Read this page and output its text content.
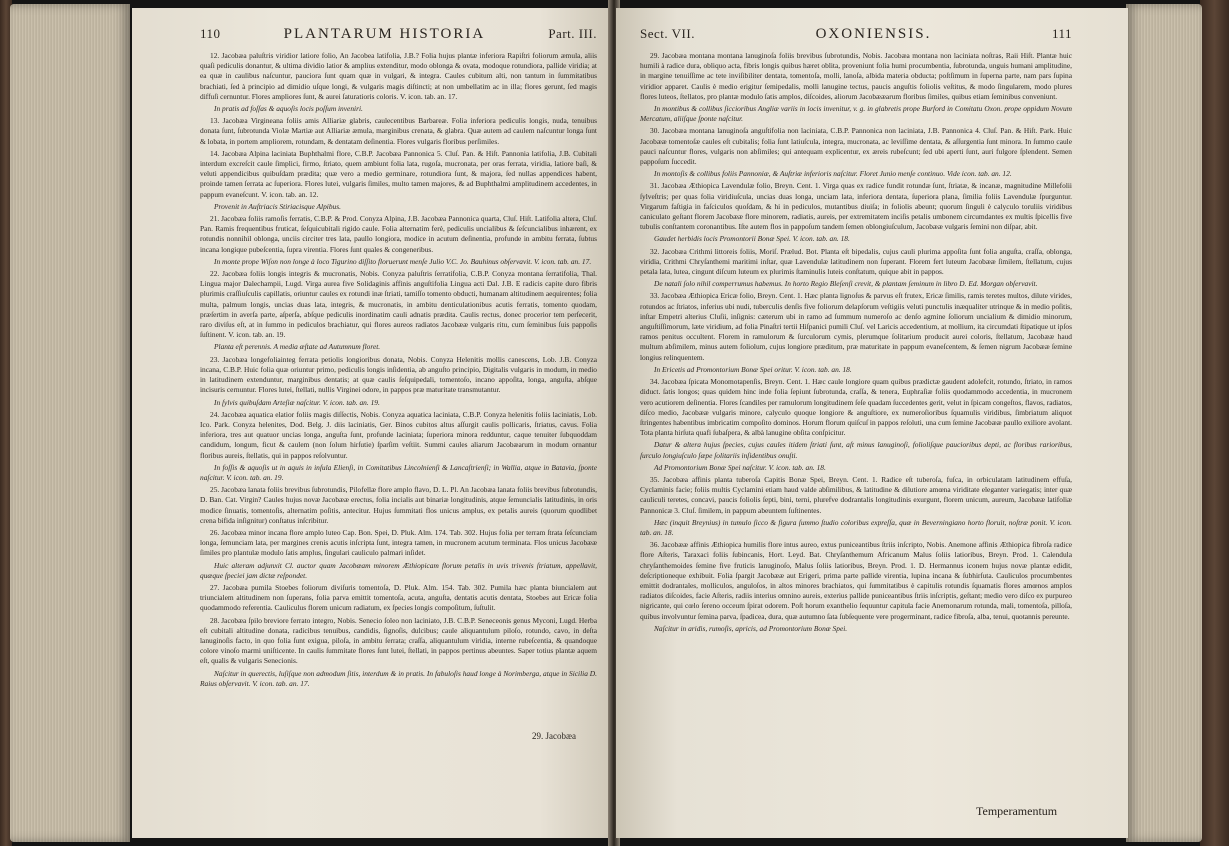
110	PLANTARUM HISTORIA	Part. III.

12. Jacobæa paluſtris viridior latiore folio, An Jacobea latifolia, J.B.? Folia hujus plantæ inferiora Rapiſtri foliorum æmula, aliis quaſi pediculis donantur, & ultima dividio latior & amplius extenditur, modo oblonga & ovata, modoque rotundiora, pallide viridia; at ea quæ in caulibus naſcuntur, pauciora ſunt quam quæ in vulgari, & integra. Caules cubitum alti, non tantum in ſummitatibus brachiati, ſed à principio ad dimidio uſque longi, & vulgaris magis diſtincti; at non umbellatim ac in illa; flores gerunt, ſed magis diffuſi cernuntur. Flores ampliores ſunt, & aurei ſaturatioris coloris. V. icon. tab. an. 17.

In pratis ad foſſas & aquoſis locis poſſum inveniri.

13. Jacobæa Virgineana foliis amis Alliariæ glabris, caulecentibus Barbareæ. Folia inferiora pediculis longis, nuda, tenuibus donata ſunt, ſubrotunda Violæ Martiæ aut Alliariæ æmula, marginibus crenata, & glabra. Quæ autem ad caulem naſcuntur longa ſunt & lobata, in portem ampliorem, rotundam, & dentatam deſinentia. Flores vulgaris floribus perſimiles.

14. Jacobæa Alpina laciniata Buphthalmi flore, C.B.P. Jacobæa Pannonica 5. Cluſ. Pan. & Hiſt. Pannonia latifolia, J.B. Cubitali interdum excreſcit caule ſimplici, firmo, ſtriato, quem ambiunt folia lata, rugoſa, mucronata, per oras ferrata, viridia, latiore baſi, & veluti appendicibus quibuſdam prædita; quæ vero a medio germinare, rotundiora ſunt, & majora, ſed nullas appendices habent, proinde tamen ſerrata ac ſuperiora. Flores lutei, vulgaris ſimiles, multo tamen majores, & ad Buphthalmi amplitudinem accedentes, in pappum evaneſcunt. V. icon. tab. an. 12.

Provenit in Auſtriacis Stiriacisque Alpibus.

21. Jacobæa foliis ramoſis ferratis, C.B.P. & Prod. Conyza Alpina, J.B. Jacobæa Pannonica quarta, Cluſ. Hiſt. Latifolia altera, Cluſ. Pan. Ramis frequentibus fruticat, ſeſquicubitali rigido caule. Folia alternatim ferè, pediculis uncialibus & ſeſcuncialibus inhærent, ex rotundis nonnihil oblonga, unciis circiter tres lata, paullo longiora, modice in acutum deſinentia, profunde in ambitu ferrata, ſubtus incana longique pubeſcentia, ſupra virentia. Flores ſunt quales & congeneribus.

In monte prope Wiſon non longe à loco Tigurino diſſito floruerunt menſe Julio V.C. Jo. Bauhinus obſervavit. V. icon. tab. an. 17.

22. Jacobæa foliis longis integris & mucronatis, Nobis. Conyza paluſtris ſerratifolia, C.B.P. Conyza montana ſerratifolia, Thal. Lingua major Dalechampii, Lugd. Virga aurea five Solidaginis affinis anguſtifolia Lingua acti Dal. J.B. E radicis capite duro fibris plurimis craſſiuſculis capillatis, oriuntur caules ex rotundi inæ ſtriati, tamiſſo tomento obducti, humanam altitudinem aequirentes; folia multa, palmum longis, uncias duas lata, integris, & mucronatis, in ambitu denticulationibus acutis ferratis, tomento quodam, præſertim in averſa parte, aſperſa, abſque pediculis inordinatim cauli adnatis prædita. Caulis rectus, donec procerior tem perſecerit, raro diviſus eſt, at in ſummo in pediculos brachiatur, qui flores aureos radiatos Jacobææ vulgaris ritu, cum ſeminibus ſuis pappoſis ſuſtinent. V. icon. tab. an. 19.

Planta eſt perennis. A media æſtate ad Autumnum floret.

23. Jacobæa longefoliainteg ferrata petiolis longioribus donata, Nobis. Conyza Helenitis mollis canescens, Lob. J.B. Conyza incana, C.B.P. Huic folia quæ oriuntur primo, pediculis longis inſidentia, ab anguſto principio, Digitalis vulgaris in modum, in medio in latitudinem extenduntur, marginibus dentatis; at quæ caulis ſeſquipedali, tomentoſo, incano appoſita, longa, anguſta, abſque incisuris cernuntur. Flores lutei, ſtellati, nullis Virginei odore, in pappos præ maturitate transmutantur.

In ſylvis quibuſdam Arteſiæ naſcitur. V. icon. tab. an. 19.

24. Jacobæa aquatica elatior foliis magis diſſectis, Nobis. Conyza aquatica laciniata, C.B.P. Conyza helenitis foliis laciniatis, Lob. Ico. Park. Conyza helenites, Dod. Belg. J. diis laciniatis, Ger. Binos cubitos altus aſſurgit caulis pollicaris, ſtriatus, cavus. Folia inferiora, tres aut quatuor uncias longa, anguſta ſunt, profunde laciniata; ſuperiora minora redduntur, caque tenuiter ſubquoddam candidum, longum, ficut & caulem (non ſolum hirſutie) ſparſim veſtiit. Summi caules aliarum Jacobæarum in modum ornantur floribus aureis, ſtellatis, qui in pappos reſolvuntur.

In foſſis & aquoſis ut in aquis in inſula Elienſi, in Comitatibus Lincolnienſi & Lancaſtrienſi; in Wallia, atque in Batavia, ſponte naſcitur. V. icon. tab. an. 19.

25. Jacobæa lanata foliis brevibus ſubrotundis, Pilofellæ flore amplo flavo, D. L. Pl. An Jacobæa lanata foliis brevibus ſubrotundis, D. Ban. Cat. Virgin? Caules hujus novæ Jacobææ erectus, folia incialis aut binariæ longitudinis, atque ſemuncialis latitudinis, in oris modice ſinuatis, tomentoſis, alternatim poſitis, antecitur. Hujus ſummitati flos unicus amplus, ex petalis aureis (quorum quodlibet crena bifida inſignitur) conſtatus inſcribitur.

26. Jacobæa minor incana flore amplo luteo Cap. Bon. Spei, D. Pluk. Alm. 174. Tab. 302. Hujus folia per terram ſtrata ſeſcunciam longa, ſemunciam lata, per margines crenis acutis inſcripta ſunt, integra tamen, in mucronem acutum terminata. Flos unicus Jacobææ ſimiles pro plantulæ modulo ſatis amplus, ſingulari cauliculo palmari inſidet.

Huic alteram adjunxit Cl. auctor quam Jacobæam minorem Æthiopicam florum petalis in uvis trivenis ſtriatum, appellavit, quæque ſpeciei jam dictæ reſpondet.

27. Jacobæa pumila Stoebes foliorum diviſuris tomentoſa, D. Pluk. Alm. 154. Tab. 302. Pumila hæc planta biuncialem aut triuncialem altitudinem non ſuperans, folia parva emittit tomentoſa, acuta, anguſta, dentatis acutis dentata, Stoebes aut Ericæ folia quodammodo referentia. Cauliculus florem unicum radiatum, ex ſpecies longis compoſitum, ſuſtulit.

28. Jacobæa ſpilo breviore ferrato integro, Nobis. Senecio ſoleo non laciniato, J.B. C.B.P. Seneceonis genus Myconi, Lugd. Herba eſt cubitali altitudine donata, radicibus tenuibus, candidis, ſignoſis, dulcibus; caule aliquantulum piloſo, rotundo, cavo, in deſta lanuginoſis facto, in quo folia ſunt exigua, piloſa, in ambitu ſerrata; craſſa, aliquantulum viridia, interne rubeſcentia, & quandoque colore vinoſo marmi uniſticente. In caulis ſummitate flores ſunt lutei, ſtellati, in pappos pertinus abeuntes. Saper totius plantæ aquem eſt, qualis & vulgaris Senecionis.

Naſcitur in querectis, luſiſque non admodum ſitis, interdum & in pratis. In fabuloſis haud longe à Norimberga, atque in Sicilia D. Raius obſervavit. V. icon. tab. an. 17.

29. Jacobæa
Sect. VII.	OXONIENSIS.	111

29. Jacobæa montana montana lanuginoſa foliis brevibus ſubrotundis, Nobis. Jacobæa montana non laciniata noſtras, Raii Hiſt. Plantæ huic humili à radice dura, obliquo acta, fibris longis quibus hæret oblita, proveniunt folia humi procumbentia, ſubrotunda, unguis humani amplitudine, in margine tenuiſſime ac tete inviſibiliter dentata, tomentoſa, molli, lanoſa, albida materia obducta; poſtſimum in ſuperna parte, nam pars ſupina viridior apparet. Caulis è medio erigitur ſemipedalis, molli lanugine tectus, paucis anguſtis foliolis veſtitus, & modo ſingularem, modo plures flores luteos, ſtellatos, pro plantæ modulo ſatis amplos, diſcoides, aliorum Jacobææarum floribus ſimiles, quibus etiam ſeminibus conveniunt.

In montibus & collibus ſiccioribus Angliæ variis in locis invenitur, v. g. in glabretis prope Burford in Comitatu Oxon. prope oppidum Novum Mercatum, aliiſque ſponte naſcitur.

30. Jacobæa montana lanuginoſa anguſtifolia non laciniata, C.B.P. Pannonica non laciniata, J.B. Pannonica 4. Cluſ. Pan. & Hiſt. Park. Huic Jacobææ tomentoſæ caules eſt cubitalis; folia ſunt latiuſcula, integra, mucronata, ac leviſſime dentata, & aſſurgentia ſunt minora. In ſummo caule pauci naſcuntur flores, vulgaris non abſimiles; qui antequam explicentur, ex æreis rubeſcunt; ſed ubi aperti ſunt, auri fulgore ſplendent. Semen pappoſum ſuccedit.

In montoſis & collibus foliis Pannoniæ, & Auſtriæ inferioris naſcitur. Floret Junio menſe continuo. Vide icon. tab. an. 12.

31. Jacobæa Æthiopica Lavendulæ folio, Breyn. Cent. 1. Virga quas ex radice fundit rotundæ ſunt, ſtriatæ, & incanæ, magnitudine Millefolii ſylveſtris; per quas folia viridiuſcula, uncias duas longa, unciam lata, inferiora dentata, ſuperiora plana, ſimilia foliis Lavendulæ ſpurguntur. Virgarum faſtigia in faſciculos quoſdam, & hi in pediculos, mutantibus diuiſa; in foliolis abeunt; quorum ſinguli è calyculo toruliis viridibus caniculato geſtant florem Jacobææ flore minorem, radiatis, aureis, per extremitatem inciſis petalis umbonem circumdantes ex multis ſpicellis five tubulis conſtantem coronantibus. Iſte autem flos in pappoſum tandem ſemen oblongiuſculum, Jacobææ vulgaris ſemini non diſpar, abit.

Gaudet herbidis locis Promontorii Bonæ Spei. V. icon. tab. an. 18.

32. Jacobæa Crithmi littoreis foliis, Moriſ. Prælud. Bot. Planta eſt bipedalis, cujus cauli plurima appoſita ſunt folia anguſta, craſſa, oblonga, viridia, Crithmi Chryſanthemi maritimi inſtar, quæ Lavendulæ latitudinem non ſuperant. Florem fert luteum Jacobææ ſimilem, ſtellatum, cujus petala lata, lutea, cingunt diſcum luteum ex plurimis ſtaminulis luteis conſtatum, quique abit in pappos.

De natali ſolo nihil comperrumus habemus. In horto Regio Bleſenſi crevit, & plantam ſeminum in libro D. Ed. Morgan obſervavit.

33. Jacobæa Æthiopica Ericæ folio, Breyn. Cent. 1. Hæc planta lignoſus & parvus eſt frutex, Ericæ ſimilis, ramis teretes multos, dilute virides, rotundos ac ſtriatos, inferius ubi nudi, tuberculis denſis five foliorum delapſorum veſtigiis veluti punctulis inæqualiter utrinque & in medio poſitis, inſtar Empetri alterius Cluſii, inſignis: cæterum ubi in ramo ad ſummum numeroſo ac denſo agmine ſoliorum uncialium & dimidio minorum, anguſtiſſimorum, læte viridium, ad folia Pinaſtri tertii Hiſpanici pumili Cluſ. vel Laricis accedentium, at mollium, ita circumdati ſtipatique ut ipſos ramos penitus occultent. Florem in ramulorum & ſurculorum cymis, plerumque ſolitarium producit aurei coloris, ſtellatum, Jacobææ haud multum abſimilem, minus autem foliolum, cujus longiore præditum, præ maturitate in pappum evaneſcentem, & ſemen nigrum Jacobææ ſemine longius relinquentem.

In Ericetis ad Promontorium Bonæ Spei oritur. V. icon. tab. an. 18.

34. Jacobæa ſpicata Monomotapenſis, Breyn. Cent. 1. Hæc caule longiore quam quibus prædictæ gaudent adolefcit, rotundo, ſtriato, in ramos diduct. ſatis longos; quas quidem hinc inde folia ſepiunt ſubrotunda, craſſa, & tenera, Euphraſiæ foliis quodammodo accedentia, in mucronem vero acutiorem deſinentia. Flores ſcandiles per ramulorum longitudinem ſeſe quadam ſuccedentes gerit, velut in ſpicam congeſtos, flavos, radiatos, diſco medio, Jacobææ vulgaris minore, calyculo quoque longiore & anguſtiore, ex numeroſioribus ſquamulis viridibus, ſimbriatum aliquot ſtringentes habentibus imbricatim compoſito dominos. Horum florum quiſcuſ in pappos reſoluti, una cum ſemine Jacobææ paullo exiliore avolant. Tota planta hirſuta quafi ſubaſpera, & albà lanugine obſita conſpicitur.

Datur & altera hujus ſpecies, cujus caules itidem ſtriati ſunt, aſt minus lanuginoſi, folioliſque paucioribus depti, ac floribus rarioribus, ſurculo longiuſculo ſæpe ſolitariis inſidentibus onuſti.

Ad Promontorium Bonæ Spei naſcitur. V. icon. tab. an. 18.

35. Jacobæa affinis planta tuberoſa Capitis Bonæ Spei, Breyn. Cent. 1. Radice eſt tuberoſa, fuſca, in orbiculatam latitudinem effuſa, Cyclaminis facie; foliis multis Cyclamini etiam haud valde abſimilibus, & latitudine & dilutiore amœna viriditate eleganter variegatis; inter quæ cauliculi teretes, concavi, paucis foliolis ſepti, bini, terni, plurefve dodrantalis longitudinis exurgunt, florem unicum, aureum, Jacobææ latifoliæ Pannonicæ 3. Cluſ. ſimilem, in pappum abeuntem ſuſtinentes.

Hæc (inquit Breynius) in tumulo ſicco & figura ſummo ſtudio coloribus expreſſa, quæ in Beverningiano horto floruit, noſtræ ponit. V. icon. tab. an. 18.

36. Jacobææ affinis Æthiopica humilis flore intus aureo, extus puniceantibus ſtriis inſcripto, Nobis. Anemone affinis Æthiopica fibroſa radice flore Aſteris, Taraxaci foliis ſubincanis, Hort. Leyd. Bat. Chryſanthemum Africanum Malus ſoliis latioribus, Breyn. Prod. 1. Calendula chryſanthemoides ſemine five fruticis lanuginoſo, Malus ſoliis latioribus, Breyn. Prod. 1. D. Hermannus iconem hujus novæ plantæ edidit, deſcriptioneque exhibuit. Folia ſpargit Jacobææ aut Erigeri, prima parte pallide virentia, lupina incana & ſubhirſuta. Cauliculos procumbentes emittit dodrantales, molliculos, anguloſos, in altos minores brachiatos, qui ſummitatibus è capitulis rotundis ſquamatis flores amœnos amplos radiatos diſcoides, facie Aſteris, radiis interius omnino aureis, exterius pallide puniceantibus ſtriis inſcriptis, geſtant; medio vero diſco ex purpureo nigricante, qui cœlo ſereno occeum ſpirat odorem. Poſt horum exanthelio ſequuntur capitula facie Anemonarum rotunda, mali, tomentoſa, pilloſa, quibus involvuntur ſemina parva, ſpadicea, dura, quæ autumno ſata ſubſequente vere progerminant, radice fibroſa, alba, tenui, quotannis pereunte.

Naſcitur in aridis, rumoſis, apricis, ad Promontorium Bonæ Spei.

Temperamentum
